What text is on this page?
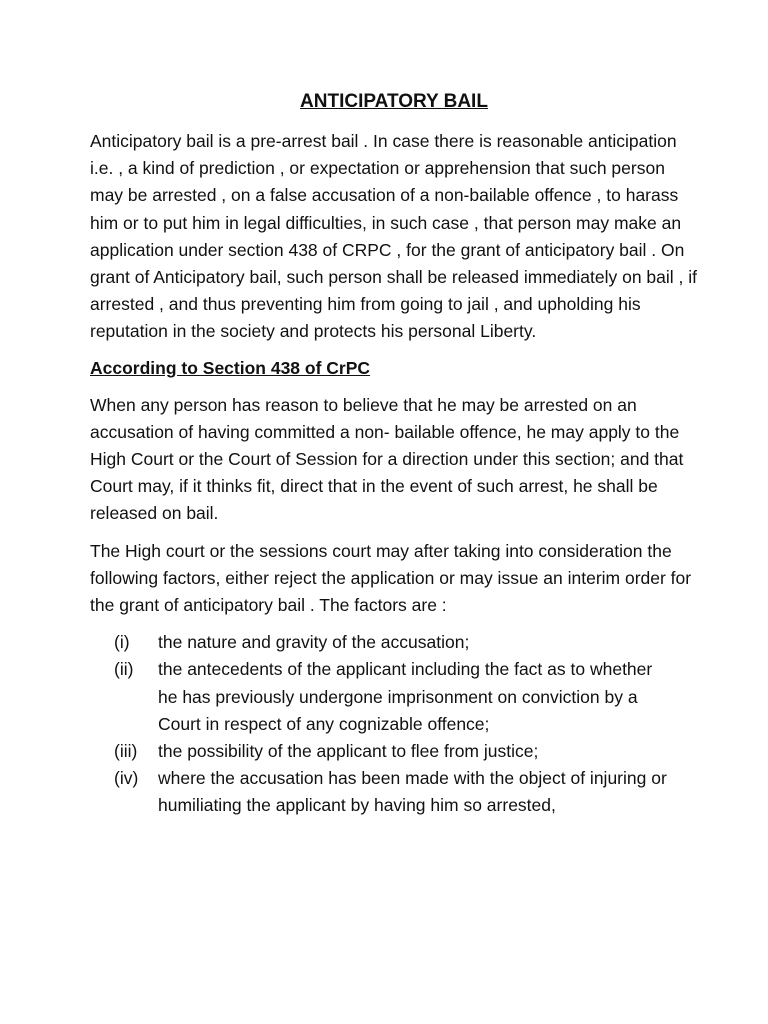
ANTICIPATORY BAIL

Anticipatory bail is a pre-arrest bail . In case there is reasonable anticipation i.e. , a kind of prediction , or expectation or apprehension that such person may be arrested , on a false accusation of a non-bailable offence , to harass him or to put him in legal difficulties, in such case , that person may make an application under section 438 of CRPC , for the grant of anticipatory bail . On grant of Anticipatory bail, such person shall be released immediately on bail , if arrested , and thus preventing him from going to jail , and upholding his reputation in the society and protects his personal Liberty.

According to Section 438 of CrPC

When any person has reason to believe that he may be arrested on an accusation of having committed a non- bailable offence, he may apply to the High Court or the Court of Session for a direction under this section; and that Court may, if it thinks fit, direct that in the event of such arrest, he shall be released on bail.

The High court or the sessions court may after taking into consideration the following factors, either reject the application or may issue an interim order for the grant of anticipatory bail . The factors are :

(i)	the nature and gravity of the accusation;
(ii)	the antecedents of the applicant including the fact as to whether he has previously undergone imprisonment on conviction by a Court in respect of any cognizable offence;
(iii)	the possibility of the applicant to flee from justice;
(iv)	where the accusation has been made with the object of injuring or humiliating the applicant by having him so arrested,
